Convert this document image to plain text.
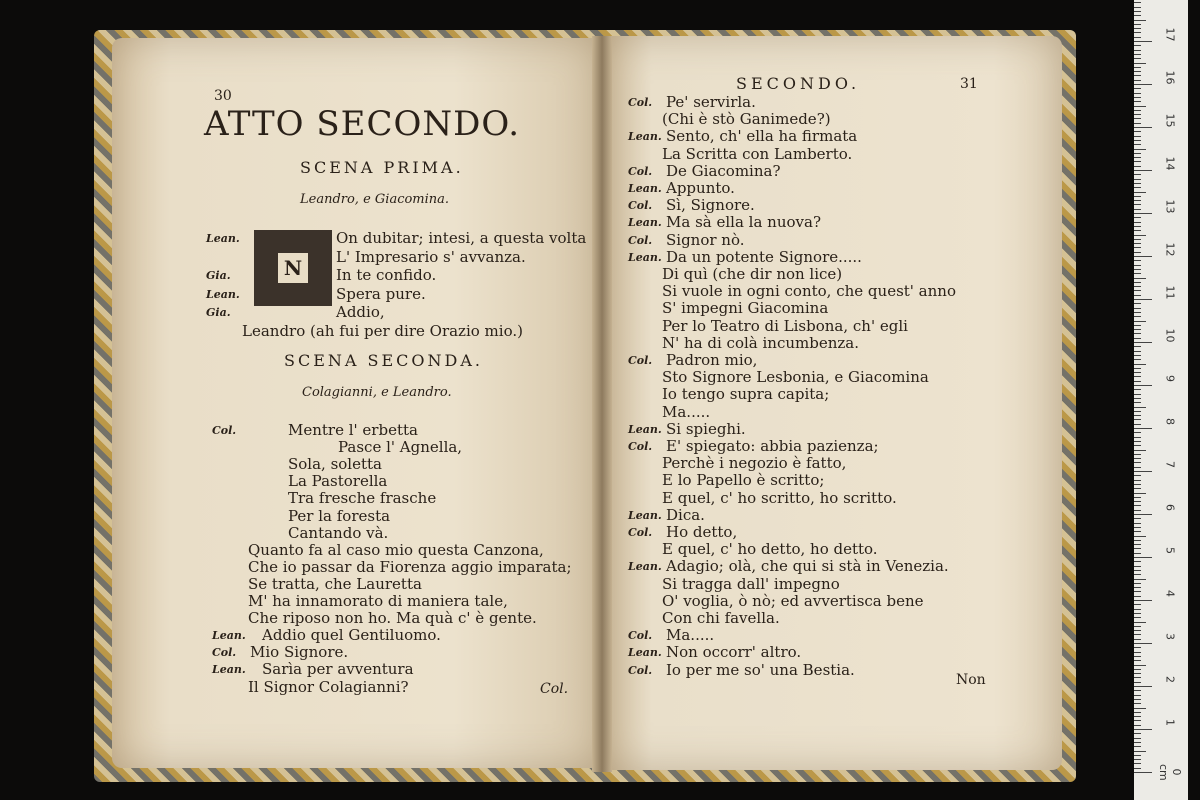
30
ATTO SECONDO.
SCENA PRIMA.
Leandro, e Giacomina.
N
Lean.	On dubitar; intesi, a questa volta
L' Impresario s' avvanza.
Gia.	In te confido.
Lean.	Spera pure.
Gia.	Addio,
Leandro (ah fui per dire Orazio mio.)
SCENA SECONDA.
Colagianni, e Leandro.
Col.	Mentre l' erbetta
Pasce l' Agnella,
Sola, soletta
La Pastorella
Tra fresche frasche
Per la foresta
Cantando và.
Quanto fa al caso mio questa Canzona,
Che io passar da Fiorenza aggio imparata;
Se tratta, che Lauretta
M' ha innamorato di maniera tale,
Che riposo non ho. Ma quà c' è gente.
Lean. Addio quel Gentiluomo.
Col. Mio Signore.
Lean. Sarìa per avventura
Il Signor Colagianni?	Col.
SECONDO.	31
Col. Pe' servirla.
(Chi è stò Ganimede?)
Lean. Sento, ch' ella ha firmata
La Scritta con Lamberto.
Col. De Giacomina?
Lean. Appunto.
Col. Sì, Signore.
Lean. Ma sà ella la nuova?
Col. Signor nò.
Lean. Da un potente Signore.....
Di quì (che dir non lice)
Si vuole in ogni conto, che quest' anno
S' impegni Giacomina
Per lo Teatro di Lisbona, ch' egli
N' ha di colà incumbenza.
Col. Padron mio,
Sto Signore Lesbonia, e Giacomina
Io tengo supra capita;
Ma.....
Lean. Si spieghi.
Col. E' spiegato: abbia pazienza;
Perchè i negozio è fatto,
E lo Papello è scritto;
E quel, c' ho scritto, ho scritto.
Lean. Dica.
Col. Ho detto,
E quel, c' ho detto, ho detto.
Lean. Adagio; olà, che qui si stà in Venezia.
Si tragga dall' impegno
O' voglia, ò nò; ed avvertisca bene
Con chi favella.
Col. Ma.....
Lean. Non occorr' altro.
Col. Io per me so' una Bestia.
Non
17
16
15
14
13
12
11
10
9
8
7
6
5
4
3
2
1
0 cm
